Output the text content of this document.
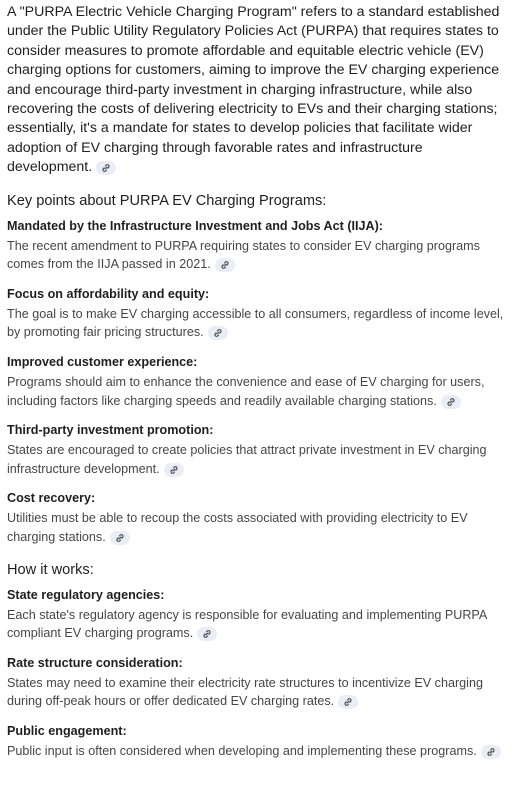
A "PURPA Electric Vehicle Charging Program" refers to a standard established under the Public Utility Regulatory Policies Act (PURPA) that requires states to consider measures to promote affordable and equitable electric vehicle (EV) charging options for customers, aiming to improve the EV charging experience and encourage third-party investment in charging infrastructure, while also recovering the costs of delivering electricity to EVs and their charging stations; essentially, it's a mandate for states to develop policies that facilitate wider adoption of EV charging through favorable rates and infrastructure development.

Key points about PURPA EV Charging Programs:
Mandated by the Infrastructure Investment and Jobs Act (IIJA):

The recent amendment to PURPA requiring states to consider EV charging programs comes from the IIJA passed in 2021.

Focus on affordability and equity:

The goal is to make EV charging accessible to all consumers, regardless of income level, by promoting fair pricing structures.

Improved customer experience:

Programs should aim to enhance the convenience and ease of EV charging for users, including factors like charging speeds and readily available charging stations.

Third-party investment promotion:

States are encouraged to create policies that attract private investment in EV charging infrastructure development.

Cost recovery:

Utilities must be able to recoup the costs associated with providing electricity to EV charging stations.

How it works:
State regulatory agencies:

Each state's regulatory agency is responsible for evaluating and implementing PURPA compliant EV charging programs.

Rate structure consideration:

States may need to examine their electricity rate structures to incentivize EV charging during off-peak hours or offer dedicated EV charging rates.

Public engagement:

Public input is often considered when developing and implementing these programs.
